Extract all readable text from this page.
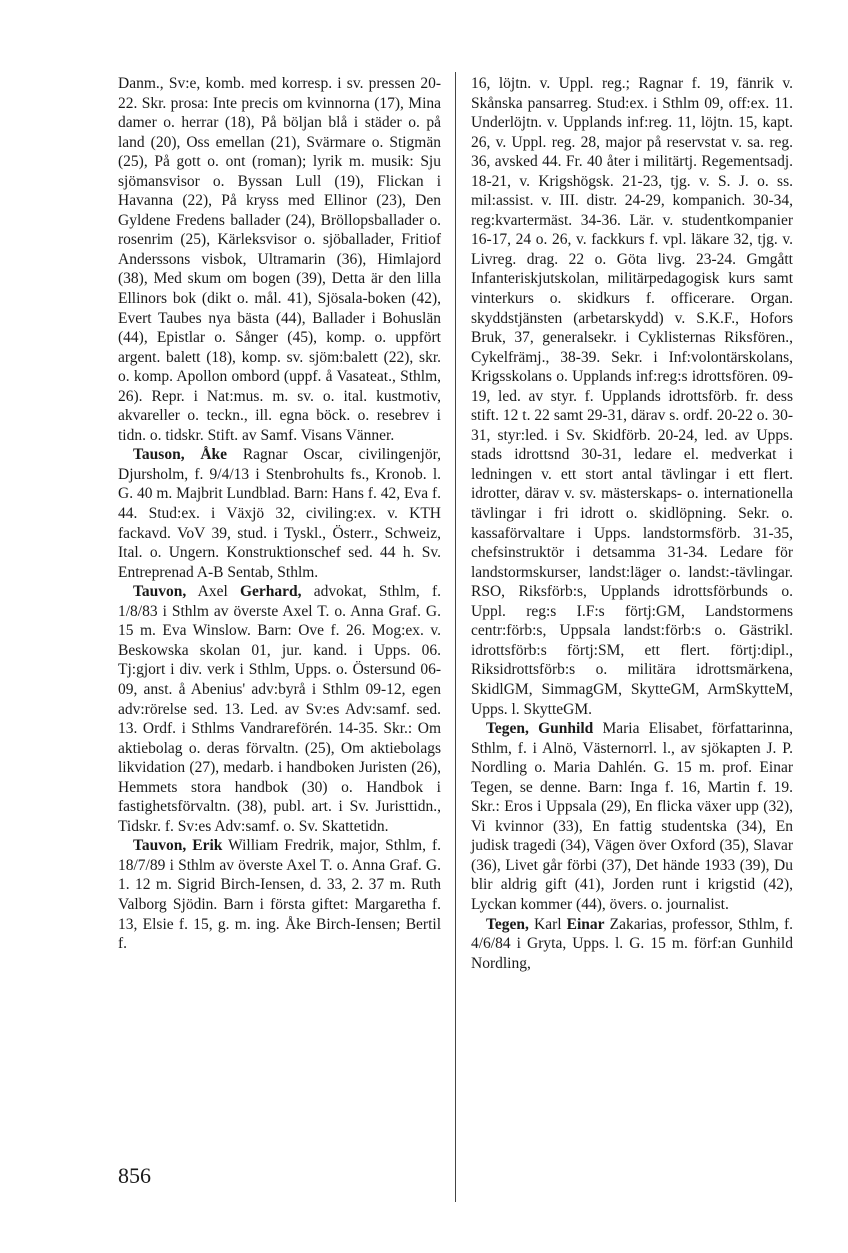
Danm., Sv:e, komb. med korresp. i sv. pressen 20-22. Skr. prosa: Inte precis om kvinnorna (17), Mina damer o. herrar (18), På böljan blå i städer o. på land (20), Oss emellan (21), Svärmare o. Stigmän (25), På gott o. ont (roman); lyrik m. musik: Sju sjömansvisor o. Byssan Lull (19), Flickan i Havanna (22), På kryss med Ellinor (23), Den Gyldene Fredens ballader (24), Bröllopsballader o. rosenrim (25), Kärleksvisor o. sjöballader, Fritiof Anderssons visbok, Ultramarin (36), Himlajord (38), Med skum om bogen (39), Detta är den lilla Ellinors bok (dikt o. mål. 41), Sjösala-boken (42), Evert Taubes nya bästa (44), Ballader i Bohuslän (44), Epistlar o. Sånger (45), komp. o. uppfört argent. balett (18), komp. sv. sjöm:balett (22), skr. o. komp. Apollon ombord (uppf. å Vasateat., Sthlm, 26). Repr. i Nat:mus. m. sv. o. ital. kustmotiv, akvareller o. teckn., ill. egna böck. o. resebrev i tidn. o. tidskr. Stift. av Samf. Visans Vänner.

Tauson, Åke Ragnar Oscar, civilingenjör, Djursholm, f. 9/4/13 i Stenbrohults fs., Kronob. l. G. 40 m. Majbrit Lundblad. Barn: Hans f. 42, Eva f. 44. Stud:ex. i Växjö 32, civiling:ex. v. KTH fackavd. VoV 39, stud. i Tyskl., Österr., Schweiz, Ital. o. Ungern. Konstruktionschef sed. 44 h. Sv. Entreprenad A-B Sentab, Sthlm.

Tauvon, Axel Gerhard, advokat, Sthlm, f. 1/8/83 i Sthlm av överste Axel T. o. Anna Graf. G. 15 m. Eva Winslow. Barn: Ove f. 26. Mog:ex. v. Beskowska skolan 01, jur. kand. i Upps. 06. Tj:gjort i div. verk i Sthlm, Upps. o. Östersund 06-09, anst. å Abenius' adv:byrå i Sthlm 09-12, egen adv:rörelse sed. 13. Led. av Sv:es Adv:samf. sed. 13. Ordf. i Sthlms Vandrareförén. 14-35. Skr.: Om aktiebolag o. deras förvaltn. (25), Om aktiebolags likvidation (27), medarb. i handboken Juristen (26), Hemmets stora handbok (30) o. Handbok i fastighetsförvaltn. (38), publ. art. i Sv. Juristtidn., Tidskr. f. Sv:es Adv:samf. o. Sv. Skattetidn.

Tauvon, Erik William Fredrik, major, Sthlm, f. 18/7/89 i Sthlm av överste Axel T. o. Anna Graf. G. 1. 12 m. Sigrid Birch-Iensen, d. 33, 2. 37 m. Ruth Valborg Sjödin. Barn i första giftet: Margaretha f. 13, Elsie f. 15, g. m. ing. Åke Birch-Iensen; Bertil f.

16, löjtn. v. Uppl. reg.; Ragnar f. 19, fänrik v. Skånska pansarreg. Stud:ex. i Sthlm 09, off:ex. 11. Underlöjtn. v. Upplands inf:reg. 11, löjtn. 15, kapt. 26, v. Uppl. reg. 28, major på reservstat v. sa. reg. 36, avsked 44. Fr. 40 åter i militärtj. Regementsadj. 18-21, v. Krigshögsk. 21-23, tjg. v. S. J. o. ss. mil:assist. v. III. distr. 24-29, kompanich. 30-34, reg:kvartermäst. 34-36. Lär. v. studentkompanier 16-17, 24 o. 26, v. fackkurs f. vpl. läkare 32, tjg. v. Livreg. drag. 22 o. Göta livg. 23-24. Gmgått Infanteriskjutskolan, militärpedagogisk kurs samt vinterkurs o. skidkurs f. officerare. Organ. skyddstjänsten (arbetarskydd) v. S.K.F., Hofors Bruk, 37, generalsekr. i Cyklisternas Riksfören., Cykelfrämj., 38-39. Sekr. i Inf:volontärskolans, Krigsskolans o. Upplands inf:reg:s idrottsfören. 09-19, led. av styr. f. Upplands idrottsförb. fr. dess stift. 12 t. 22 samt 29-31, därav s. ordf. 20-22 o. 30-31, styr:led. i Sv. Skidförb. 20-24, led. av Upps. stads idrottsnd 30-31, ledare el. medverkat i ledningen v. ett stort antal tävlingar i ett flert. idrotter, därav v. sv. mästerskaps- o. internationella tävlingar i fri idrott o. skidlöpning. Sekr. o. kassaförvaltare i Upps. landstormsförb. 31-35, chefsinstruktör i detsamma 31-34. Ledare för landstormskurser, landst:läger o. landst:-tävlingar. RSO, Riksförb:s, Upplands idrottsförbunds o. Uppl. reg:s I.F:s förtj:GM, Landstormens centr:förb:s, Uppsala landst:förb:s o. Gästrikl. idrottsförb:s förtj:SM, ett flert. förtj:dipl., Riksidrottsförb:s o. militära idrottsmärkena, SkidlGM, SimmagGM, SkytteGM, ArmSkytteM, Upps. l. SkytteGM.

Tegen, Gunhild Maria Elisabet, författarinna, Sthlm, f. i Alnö, Västernorrl. l., av sjökapten J. P. Nordling o. Maria Dahlén. G. 15 m. prof. Einar Tegen, se denne. Barn: Inga f. 16, Martin f. 19. Skr.: Eros i Uppsala (29), En flicka växer upp (32), Vi kvinnor (33), En fattig studentska (34), En judisk tragedi (34), Vägen över Oxford (35), Slavar (36), Livet går förbi (37), Det hände 1933 (39), Du blir aldrig gift (41), Jorden runt i krigstid (42), Lyckan kommer (44), övers. o. journalist.

Tegen, Karl Einar Zakarias, professor, Sthlm, f. 4/6/84 i Gryta, Upps. l. G. 15 m. förf:an Gunhild Nordling,

856
